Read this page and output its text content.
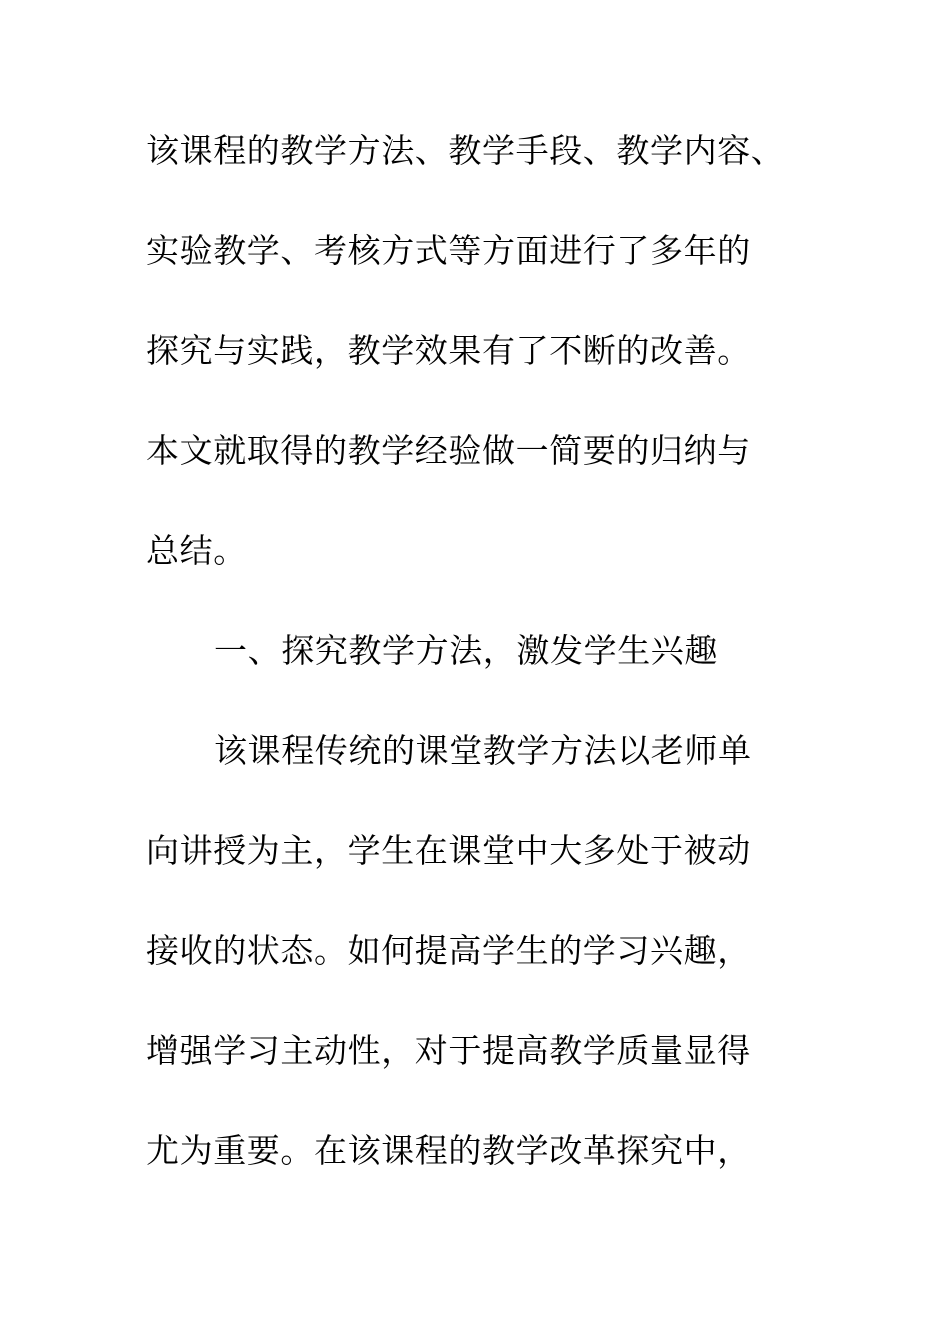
该课程的教学方法、教学手段、教学内容、
实验教学、考核方式等方面进行了多年的
探究与实践，教学效果有了不断的改善。
本文就取得的教学经验做一简要的归纳与
总结。
一、探究教学方法，激发学生兴趣
该课程传统的课堂教学方法以老师单
向讲授为主，学生在课堂中大多处于被动
接收的状态。如何提高学生的学习兴趣，
增强学习主动性，对于提高教学质量显得
尤为重要。在该课程的教学改革探究中，
